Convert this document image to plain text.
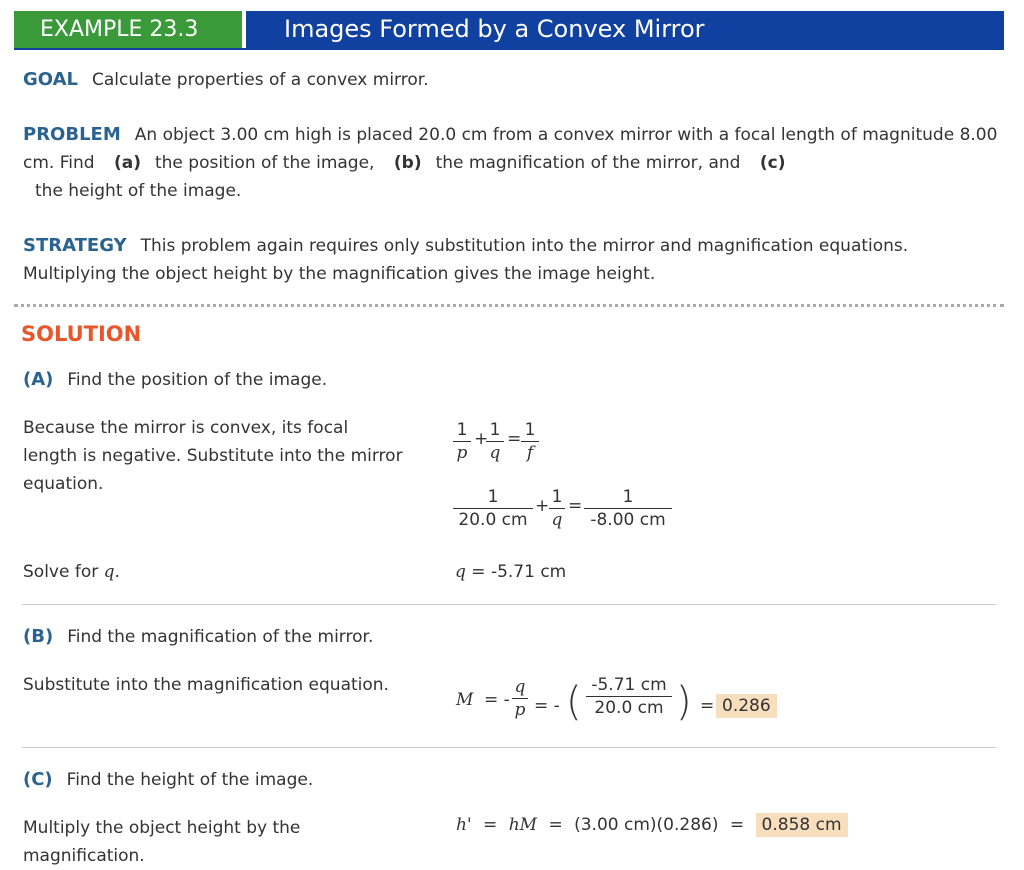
EXAMPLE 23.3	Images Formed by a Convex Mirror
GOAL Calculate properties of a convex mirror.
PROBLEM An object 3.00 cm high is placed 20.0 cm from a convex mirror with a focal length of magnitude 8.00 cm. Find (a) the position of the image, (b) the magnification of the mirror, and (c)
the height of the image.
STRATEGY This problem again requires only substitution into the mirror and magnification equations. Multiplying the object height by the magnification gives the image height.
SOLUTION
(A) Find the position of the image.
Because the mirror is convex, its focal length is negative. Substitute into the mirror equation.
$\frac{1}{p}$ +
$\frac{1}{q} = \frac{1}{f}$
$\frac{1}{20.0 cm} + \frac{1}{q} = \frac{1}{-8.00 cm}$
Solve for q.	q = -5.71 cm
(B) Find the magnification of the mirror.
Substitute into the magnification equation.
M = - $\frac{q}{p}$ = - ( $\frac{-5.71 cm}{20.0 cm}$ ) = 0.286
(C) Find the height of the image.
Multiply the object height by the magnification.
h' = hM = (3.00 cm)(0.286) = 0.858 cm
